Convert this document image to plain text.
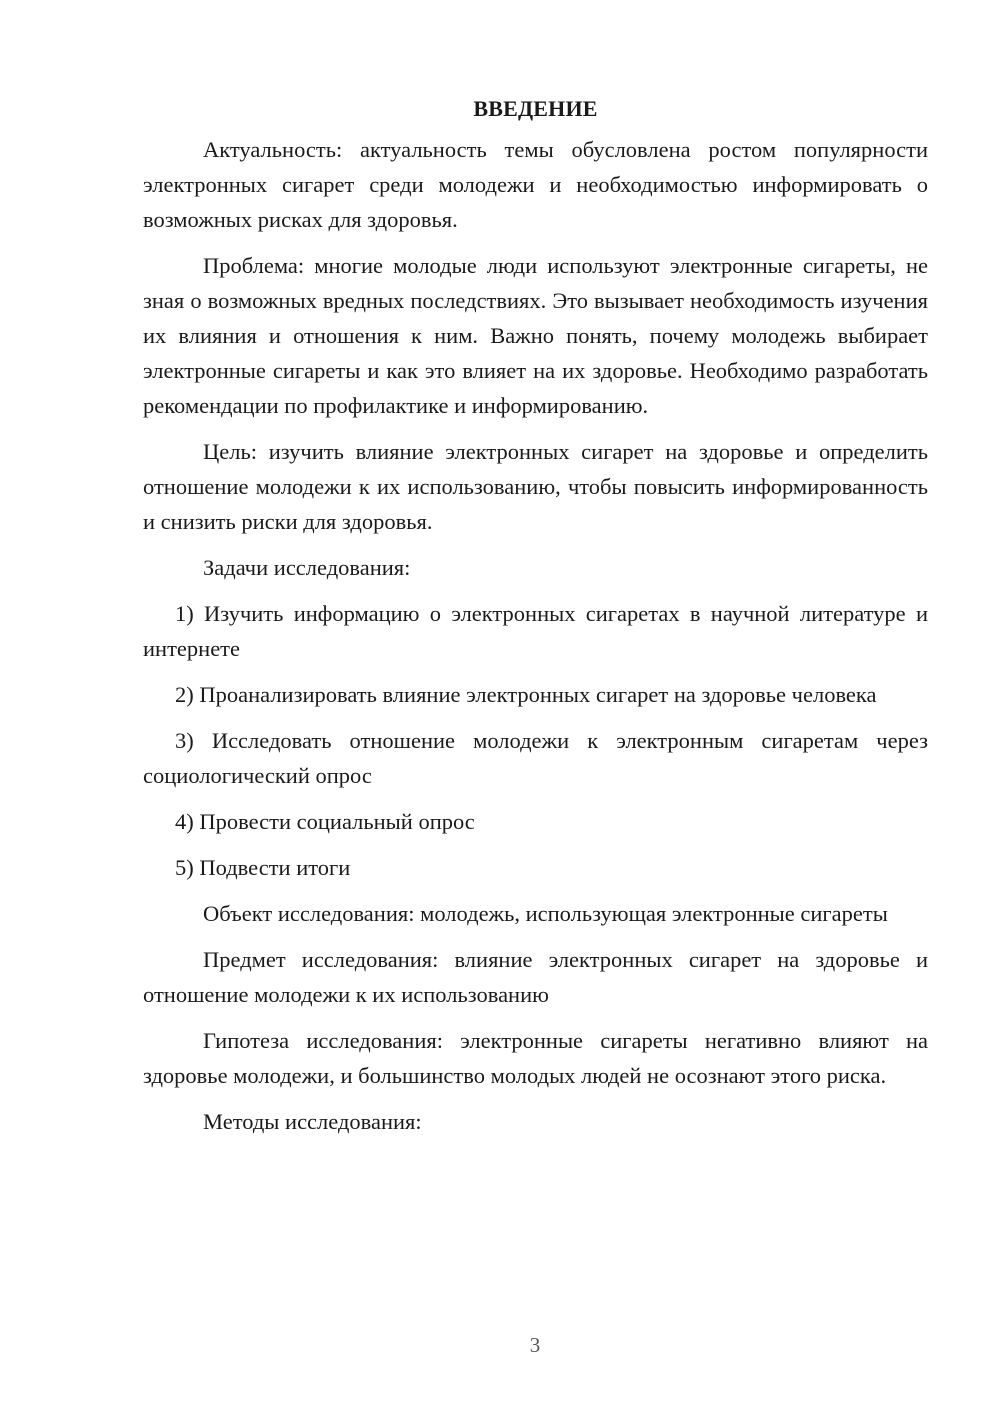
ВВЕДЕНИЕ

Актуальность: актуальность темы обусловлена ростом популярности электронных сигарет среди молодежи и необходимостью информировать о возможных рисках для здоровья.

Проблема: многие молодые люди используют электронные сигареты, не зная о возможных вредных последствиях. Это вызывает необходимость изучения их влияния и отношения к ним. Важно понять, почему молодежь выбирает электронные сигареты и как это влияет на их здоровье. Необходимо разработать рекомендации по профилактике и информированию.

Цель: изучить влияние электронных сигарет на здоровье и определить отношение молодежи к их использованию, чтобы повысить информированность и снизить риски для здоровья.

Задачи исследования:

1) Изучить информацию о электронных сигаретах в научной литературе и интернете

2) Проанализировать влияние электронных сигарет на здоровье человека

3) Исследовать отношение молодежи к электронным сигаретам через социологический опрос

4) Провести социальный опрос

5) Подвести итоги

Объект исследования: молодежь, использующая электронные сигареты

Предмет исследования: влияние электронных сигарет на здоровье и отношение молодежи к их использованию

Гипотеза исследования: электронные сигареты негативно влияют на здоровье молодежи, и большинство молодых людей не осознают этого риска.

Методы исследования:

3
